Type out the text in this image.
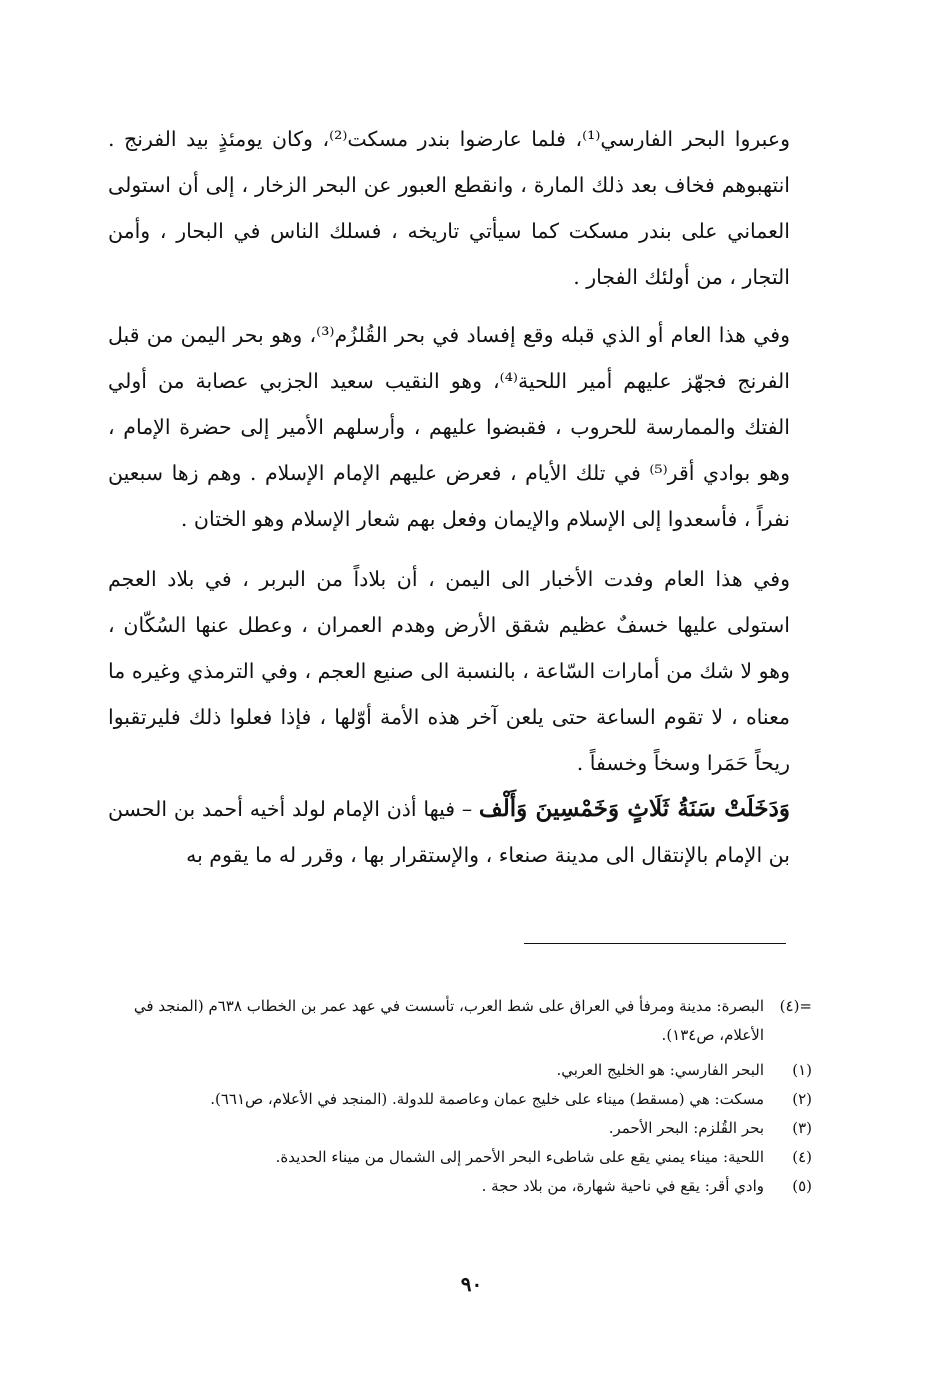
وعبروا البحر الفارسي⁽¹⁾، فلما عارضوا بندر مسكت⁽²⁾، وكان يومئذٍ بيد الفرنج . انتهبوهم فخاف بعد ذلك المارة ، وانقطع العبور عن البحر الزخار ، إلى أن استولى العماني على بندر مسكت كما سيأتي تاريخه ، فسلك الناس في البحار ، وأمن التجار ، من أولئك الفجار .

وفي هذا العام أو الذي قبله وقع إفساد في بحر القُلزُم⁽³⁾، وهو بحر اليمن من قبل الفرنج فجهّز عليهم أمير اللحية⁽⁴⁾، وهو النقيب سعيد الجزبي عصابة من أولي الفتك والممارسة للحروب ، فقبضوا عليهم ، وأرسلهم الأمير إلى حضرة الإمام ، وهو بوادي أقر⁽⁵⁾ في تلك الأيام ، فعرض عليهم الإمام الإسلام . وهم زها سبعين نفراً ، فأسعدوا إلى الإسلام والإيمان وفعل بهم شعار الإسلام وهو الختان .

وفي هذا العام وفدت الأخبار الى اليمن ، أن بلاداً من البربر ، في بلاد العجم استولى عليها خسفٌ عظيم شقق الأرض وهدم العمران ، وعطل عنها السُكّان ، وهو لا شك من أمارات السّاعة ، بالنسبة الى صنيع العجم ، وفي الترمذي وغيره ما معناه ، لا تقوم الساعة حتى يلعن آخر هذه الأمة أوّلها ، فإذا فعلوا ذلك فليرتقبوا ريحاً حَمَرا وسخاً وخسفاً .

وَدَخَلَتْ سَنَةُ ثَلَاثٍ وَخَمْسِينَ وَأَلْف – فيها أذن الإمام لولد أخيه أحمد بن الحسن بن الإمام بالإنتقال الى مدينة صنعاء ، والإستقرار بها ، وقرر له ما يقوم به

=(٤)
البصرة: مدينة ومرفأ في العراق على شط العرب، تأسست في عهد عمر بن الخطاب ٦٣٨م (المنجد في الأعلام، ص١٣٤).
(١)
البحر الفارسي: هو الخليج العربي.
(٢)
مسكت: هي (مسقط) ميناء على خليج عمان وعاصمة للدولة. (المنجد في الأعلام، ص٦٦١).
(٣)
بحر القُلزم: البحر الأحمر.
(٤)
اللحية: ميناء يمني يقع على شاطىء البحر الأحمر إلى الشمال من ميناء الحديدة.
(٥)
وادي أقر: يقع في ناحية شهارة، من بلاد حجة .
٩٠
